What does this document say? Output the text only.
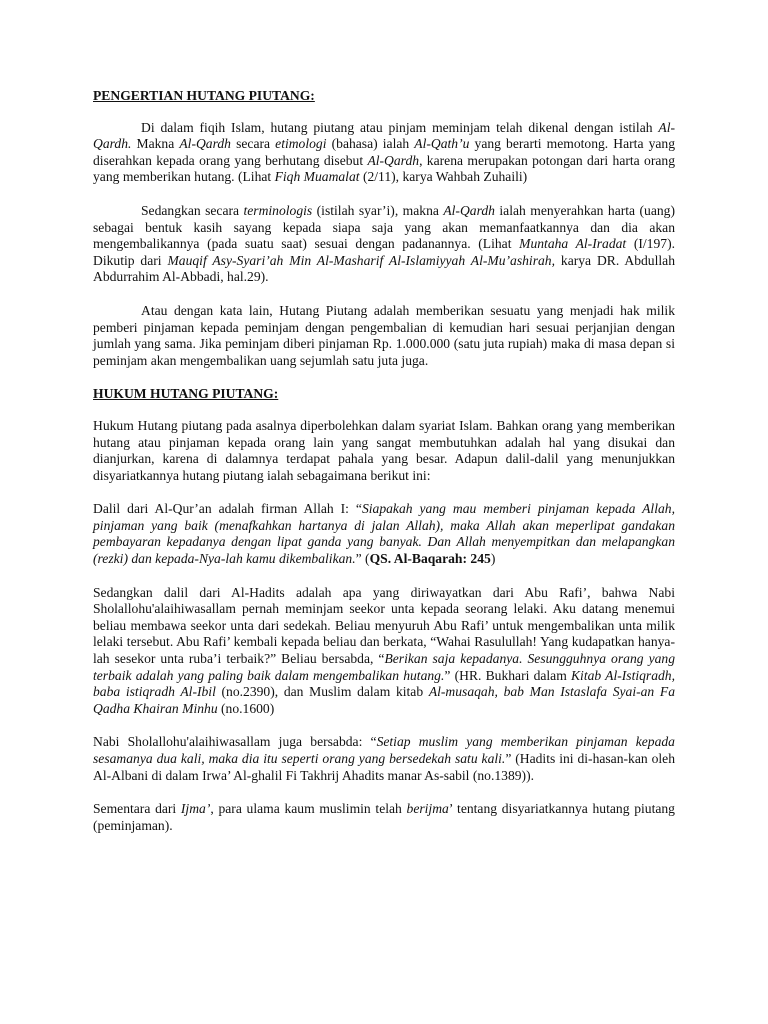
PENGERTIAN HUTANG PIUTANG:

Di dalam fiqih Islam, hutang piutang atau pinjam meminjam telah dikenal dengan istilah Al-Qardh. Makna Al-Qardh secara etimologi (bahasa) ialah Al-Qath’u yang berarti memotong. Harta yang diserahkan kepada orang yang berhutang disebut Al-Qardh, karena merupakan potongan dari harta orang yang memberikan hutang. (Lihat Fiqh Muamalat (2/11), karya Wahbah Zuhaili)

Sedangkan secara terminologis (istilah syar’i), makna Al-Qardh ialah menyerahkan harta (uang) sebagai bentuk kasih sayang kepada siapa saja yang akan memanfaatkannya dan dia akan mengembalikannya (pada suatu saat) sesuai dengan padanannya. (Lihat Muntaha Al-Iradat (I/197). Dikutip dari Mauqif Asy-Syari’ah Min Al-Masharif Al-Islamiyyah Al-Mu’ashirah, karya DR. Abdullah Abdurrahim Al-Abbadi, hal.29).

Atau dengan kata lain, Hutang Piutang adalah memberikan sesuatu yang menjadi hak milik pemberi pinjaman kepada peminjam dengan pengembalian di kemudian hari sesuai perjanjian dengan jumlah yang sama. Jika peminjam diberi pinjaman Rp. 1.000.000 (satu juta rupiah) maka di masa depan si peminjam akan mengembalikan uang sejumlah satu juta juga.

HUKUM HUTANG PIUTANG:

Hukum Hutang piutang pada asalnya diperbolehkan dalam syariat Islam. Bahkan orang yang memberikan hutang atau pinjaman kepada orang lain yang sangat membutuhkan adalah hal yang disukai dan dianjurkan, karena di dalamnya terdapat pahala yang besar. Adapun dalil-dalil yang menunjukkan disyariatkannya hutang piutang ialah sebagaimana berikut ini:

Dalil dari Al-Qur’an adalah firman Allah I: “Siapakah yang mau memberi pinjaman kepada Allah, pinjaman yang baik (menafkahkan hartanya di jalan Allah), maka Allah akan meperlipat gandakan pembayaran kepadanya dengan lipat ganda yang banyak. Dan Allah menyempitkan dan melapangkan (rezki) dan kepada-Nya-lah kamu dikembalikan.” (QS. Al-Baqarah: 245)

Sedangkan dalil dari Al-Hadits adalah apa yang diriwayatkan dari Abu Rafi’, bahwa Nabi Sholallohu'alaihiwasallam pernah meminjam seekor unta kepada seorang lelaki. Aku datang menemui beliau membawa seekor unta dari sedekah. Beliau menyuruh Abu Rafi’ untuk mengembalikan unta milik lelaki tersebut. Abu Rafi’ kembali kepada beliau dan berkata, “Wahai Rasulullah! Yang kudapatkan hanya-lah sesekor unta ruba’i terbaik?” Beliau bersabda, “Berikan saja kepadanya. Sesungguhnya orang yang terbaik adalah yang paling baik dalam mengembalikan hutang.” (HR. Bukhari dalam Kitab Al-Istiqradh, baba istiqradh Al-Ibil (no.2390), dan Muslim dalam kitab Al-musaqah, bab Man Istaslafa Syai-an Fa Qadha Khairan Minhu (no.1600)

Nabi Sholallohu'alaihiwasallam juga bersabda: “Setiap muslim yang memberikan pinjaman kepada sesamanya dua kali, maka dia itu seperti orang yang bersedekah satu kali.” (Hadits ini di-hasan-kan oleh Al-Albani di dalam Irwa’ Al-ghalil Fi Takhrij Ahadits manar As-sabil (no.1389)).

Sementara dari Ijma’, para ulama kaum muslimin telah berijma’ tentang disyariatkannya hutang piutang (peminjaman).
